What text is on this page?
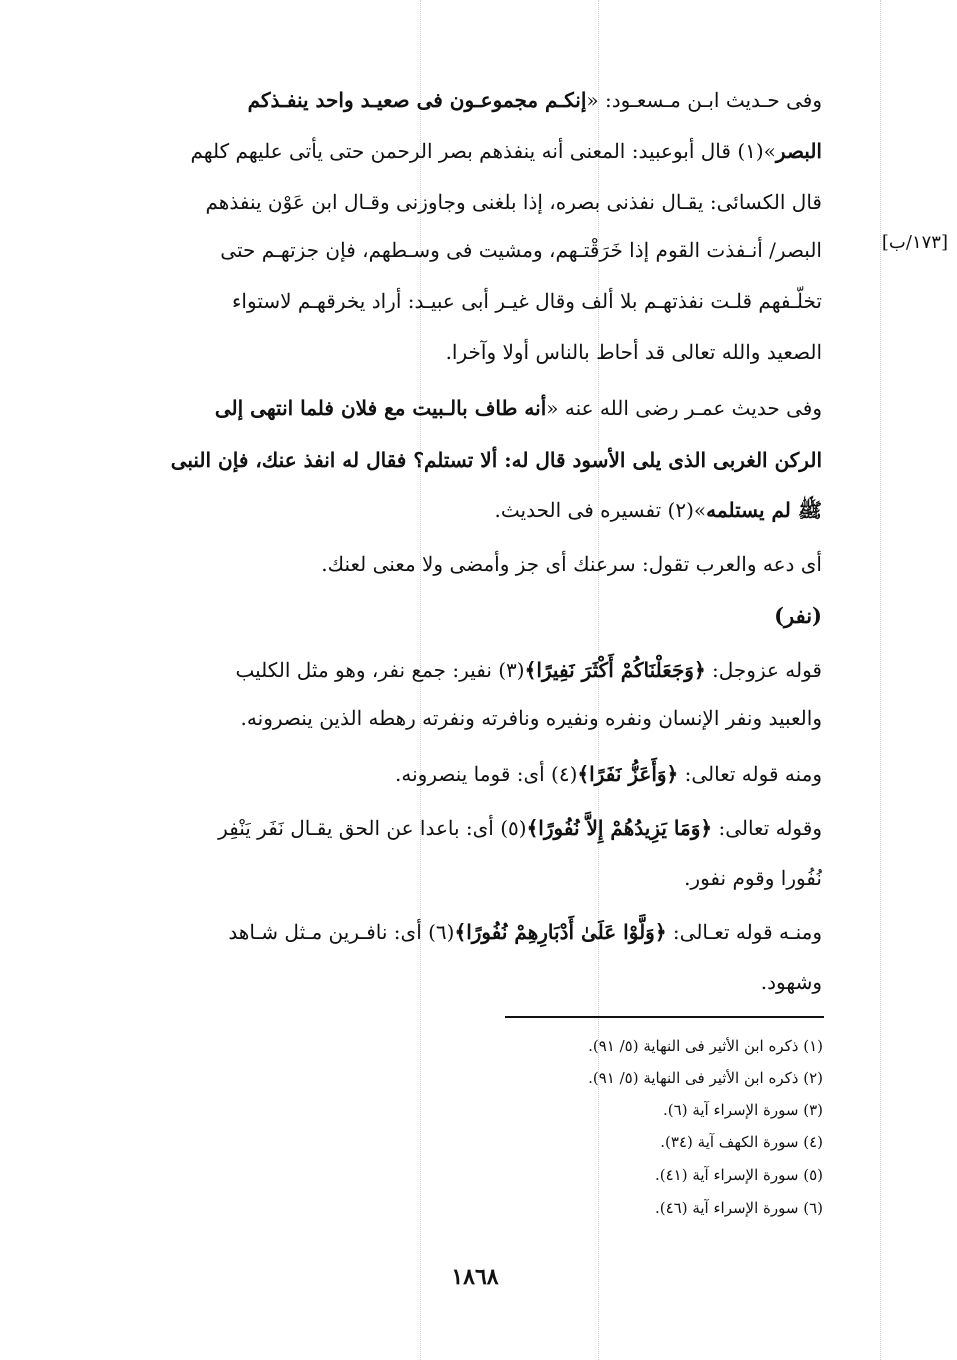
[١٧٣/ب]
وفى حـديث ابـن مـسعـود: «إنكـم مجموعـون فى صعيـد واحد ينفـذكم
البصر»(١) قال أبوعبيد: المعنى أنه ينفذهم بصر الرحمن حتى يأتى عليهم كلهم
قال الكسائى: يقـال نفذنى بصره، إذا بلغنى وجاوزنى وقـال ابن عَوْن ينفذهم
البصر/ أنـفذت القوم إذا خَرَقْتـهم، ومشيت فى وسـطهم، فإن جزتهـم حتى
تخلّـفهم قلـت نفذتهـم بلا ألف وقال غيـر أبى عبيـد: أراد يخرقهـم لاستواء
الصعيد والله تعالى قد أحاط بالناس أولا وآخرا.
وفى حديث عمـر رضى الله عنه «أنه طاف بالـبيت مع فلان فلما انتهى إلى
الركن الغربى الذى يلى الأسود قال له: ألا تستلم؟ فقال له انفذ عنك، فإن النبى
ﷺ لم يستلمه»(٢) تفسيره فى الحديث.
أى دعه والعرب تقول: سرعنك أى جز وأمضى ولا معنى لعنك.
(نفر)
قوله عزوجل: ﴿وَجَعَلْنَاكُمْ أَكْثَرَ نَفِيرًا﴾(٣) نفير: جمع نفر، وهو مثل الكليب
والعبيد ونفر الإنسان ونفره ونفيره ونافرته ونفرته رهطه الذين ينصرونه.
ومنه قوله تعالى: ﴿وَأَعَزُّ نَفَرًا﴾(٤) أى: قوما ينصرونه.
وقوله تعالى: ﴿وَمَا يَزِيدُهُمْ إِلاَّ نُفُورًا﴾(٥) أى: باعدا عن الحق يقـال نَفَر يَنْفِر
نُفُورا وقوم نفور.
ومنـه قوله تعـالى: ﴿وَلَّوْا عَلَىٰ أَدْبَارِهِمْ نُفُورًا﴾(٦) أى: نافـرين مـثل شـاهد
وشهود.
(١) ذكره ابن الأثير فى النهاية (٥/ ٩١).
(٢) ذكره ابن الأثير فى النهاية (٥/ ٩١).
(٣) سورة الإسراء آية (٦).
(٤) سورة الكهف آية (٣٤).
(٥) سورة الإسراء آية (٤١).
(٦) سورة الإسراء آية (٤٦).
١٨٦٨
